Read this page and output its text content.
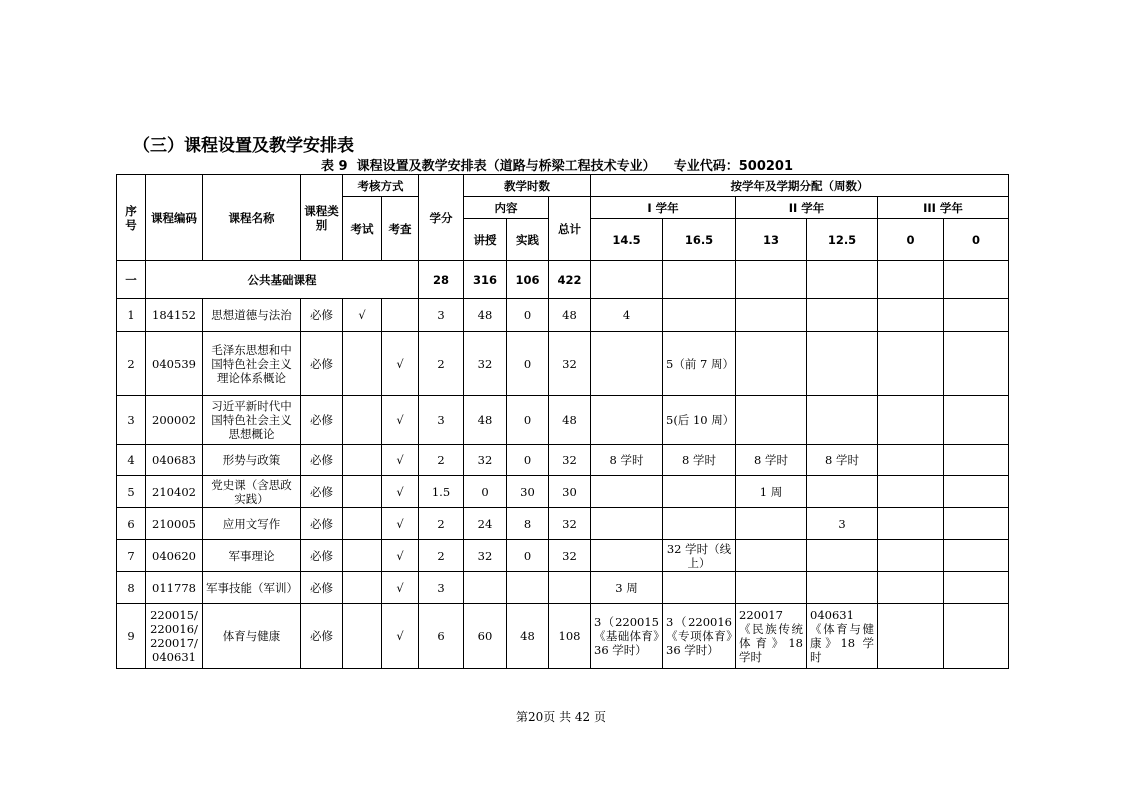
（三）课程设置及教学安排表
表 9  课程设置及教学安排表（道路与桥梁工程技术专业）    专业代码：500201
序号	课程编码	课程名称	课程类别	考核方式		学分	教学时数			按学年及学期分配（周数）					
				考试	考查		内容		总计	I 学年		II 学年		III 学年	
							讲授	实践		14.5	16.5	13	12.5	0	0
一	公共基础课程					28	316	106	422						
1	184152	思想道德与法治	必修	√		3	48	0	48	4					
2	040539	毛泽东思想和中国特色社会主义理论体系概论	必修		√	2	32	0	32		5（前 7 周）				
3	200002	习近平新时代中国特色社会主义思想概论	必修		√	3	48	0	48		5(后 10 周）				
4	040683	形势与政策	必修		√	2	32	0	32	8 学时	8 学时	8 学时	8 学时		
5	210402	党史课（含思政实践）	必修		√	1.5	0	30	30			1 周			
6	210005	应用文写作	必修		√	2	24	8	32				3		
7	040620	军事理论	必修		√	2	32	0	32		32 学时（线上）				
8	011778	军事技能（军训）	必修		√	3				3 周					
9	220015/ 220016/ 220017/ 040631	体育与健康	必修		√	6	60	48	108	3（220015《基础体育》36 学时）	3（220016《专项体育》36 学时）	220017《民族传统体育》18 学时	040631《体育与健康》18 学时		
第20页 共 42 页
